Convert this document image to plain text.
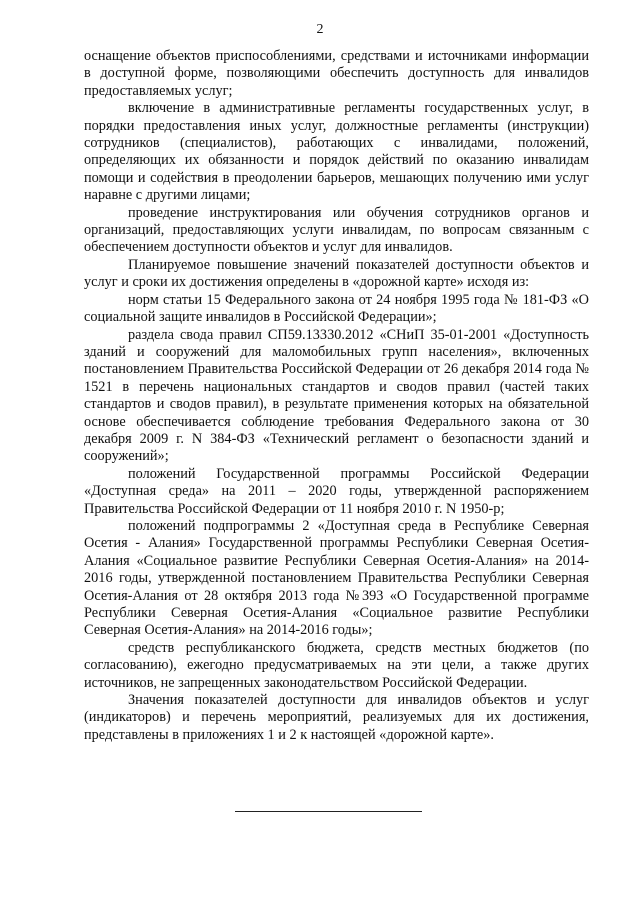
2

оснащение объектов приспособлениями, средствами и источниками информации в доступной форме, позволяющими обеспечить доступность для инвалидов предоставляемых услуг;

включение в административные регламенты государственных услуг, в порядки предоставления иных услуг, должностные регламенты (инструкции) сотрудников (специалистов), работающих с инвалидами, положений, определяющих их обязанности и порядок действий по оказанию инвалидам помощи и содействия в преодолении барьеров, мешающих получению ими услуг наравне с другими лицами;

проведение инструктирования или обучения сотрудников органов и организаций, предоставляющих услуги инвалидам, по вопросам связанным с обеспечением доступности объектов и услуг для инвалидов.

Планируемое повышение значений показателей доступности объектов и услуг и сроки их достижения определены в «дорожной карте» исходя из:

норм статьи 15 Федерального закона от 24 ноября 1995 года № 181-ФЗ «О социальной защите инвалидов в Российской Федерации»;

раздела свода правил СП59.13330.2012 «СНиП 35-01-2001 «Доступность зданий и сооружений для маломобильных групп населения», включенных постановлением Правительства Российской Федерации от 26 декабря 2014 года № 1521 в перечень национальных стандартов и сводов правил (частей таких стандартов и сводов правил), в результате применения которых на обязательной основе обеспечивается соблюдение требования Федерального закона от 30 декабря 2009 г. N 384-ФЗ «Технический регламент о безопасности зданий и сооружений»;

положений Государственной программы Российской Федерации «Доступная среда» на 2011 – 2020 годы, утвержденной распоряжением Правительства Российской Федерации от 11 ноября 2010 г. N 1950-р;

положений подпрограммы 2 «Доступная среда в Республике Северная Осетия - Алания» Государственной программы Республики Северная Осетия-Алания «Социальное развитие Республики Северная Осетия-Алания» на 2014-2016 годы, утвержденной постановлением Правительства Республики Северная Осетия-Алания от 28 октября 2013 года №393 «О Государственной программе Республики Северная Осетия-Алания «Социальное развитие Республики Северная Осетия-Алания» на 2014-2016 годы»;

средств республиканского бюджета, средств местных бюджетов (по согласованию), ежегодно предусматриваемых на эти цели, а также других источников, не запрещенных законодательством Российской Федерации.

Значения показателей доступности для инвалидов объектов и услуг (индикаторов) и перечень мероприятий, реализуемых для их достижения, представлены в приложениях 1 и 2 к настоящей «дорожной карте».
